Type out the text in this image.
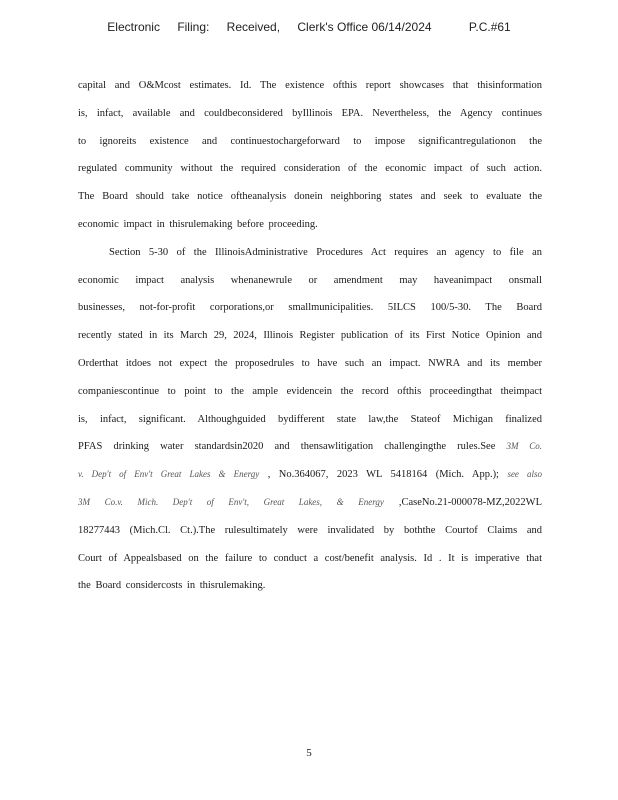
Electronic Filing: Received, Clerk's Office 06/14/2024	P.C.#61
capital and O&Mcost estimates. Id. The existence ofthis report showcases that thisinformation
is, infact, available and couldbeconsidered byIllinois EPA. Nevertheless, the Agency continues
to ignoreits existence and continuestochargeforward to impose significantregulationon the
regulated community without the required consideration of the economic impact of such action.
The Board should take notice oftheanalysis donein neighboring states and seek to evaluate the
economic impact in thisrulemaking before proceeding.
Section 5-30 of the IllinoisAdministrative Procedures Act requires an agency to file an
economic impact analysis whenanewrule or amendment may haveanimpact onsmall
businesses, not-for-profit corporations,or smallmunicipalities. 5ILCS 100/5-30. The Board
recently stated in its March 29, 2024, Illinois Register publication of its First Notice Opinion and
Orderthat itdoes not expect the proposedrules to have such an impact. NWRA and its member
companiescontinue to point to the ample evidencein the record ofthis proceedingthat theimpact
is, infact, significant. Althoughguided bydifferent state law,the Stateof Michigan finalized
PFAS drinking water standardsin2020 and thensawlitigation challengingthe rules.See 3M Co.
v. Dep't of Env't Great Lakes & Energy , No.364067, 2023 WL 5418164 (Mich. App.); see also
3M Co.v. Mich. Dep't of Env't, Great Lakes, & Energy ,CaseNo.21-000078-MZ,2022WL
18277443 (Mich.Cl. Ct.).The rulesultimately were invalidated by boththe Courtof Claims and
Court of Appealsbased on the failure to conduct a cost/benefit analysis. Id . It is imperative that
the Board considercosts in thisrulemaking.
5
